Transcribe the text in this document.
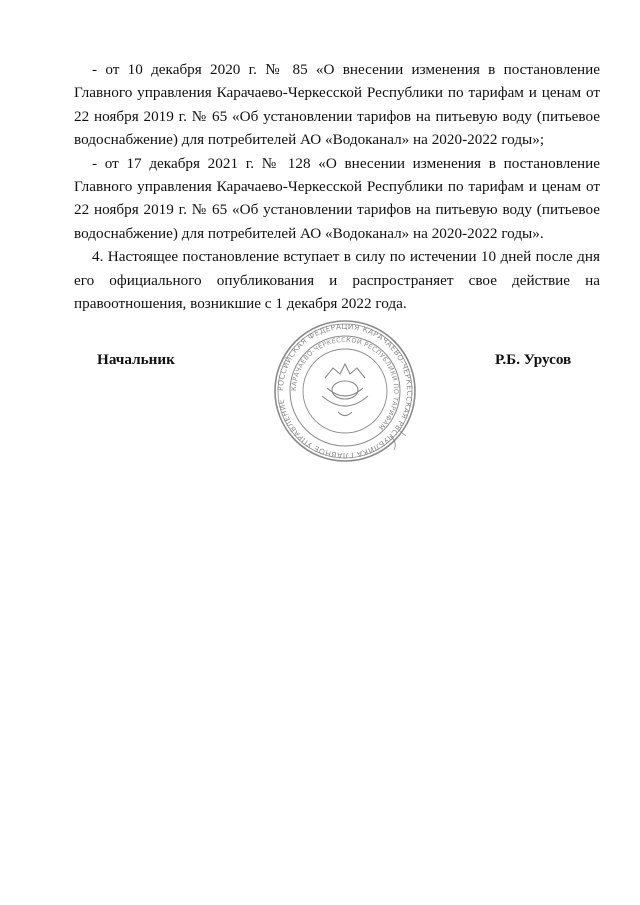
- от 10 декабря 2020 г. № 85 «О внесении изменения в постановление Главного управления Карачаево-Черкесской Республики по тарифам и ценам от 22 ноября 2019 г. № 65 «Об установлении тарифов на питьевую воду (питьевое водоснабжение) для потребителей АО «Водоканал» на 2020-2022 годы»;

- от 17 декабря 2021 г. № 128 «О внесении изменения в постановление Главного управления Карачаево-Черкесской Республики по тарифам и ценам от 22 ноября 2019 г. № 65 «Об установлении тарифов на питьевую воду (питьевое водоснабжение) для потребителей АО «Водоканал» на 2020-2022 годы».

4. Настоящее постановление вступает в силу по истечении 10 дней после дня его официального опубликования и распространяет свое действие на правоотношения, возникшие с 1 декабря 2022 года.

Начальник
РОССИЙСКАЯ ФЕДЕРАЦИЯ КАРАЧАЕВО-ЧЕРКЕССКАЯ РЕСПУБЛИКА ГЛАВНОЕ УПРАВЛЕНИЕ
КАРАЧАЕВО-ЧЕРКЕССКОЙ РЕСПУБЛИКИ ПО ТАРИФАМ
Р.Б. Урусов
